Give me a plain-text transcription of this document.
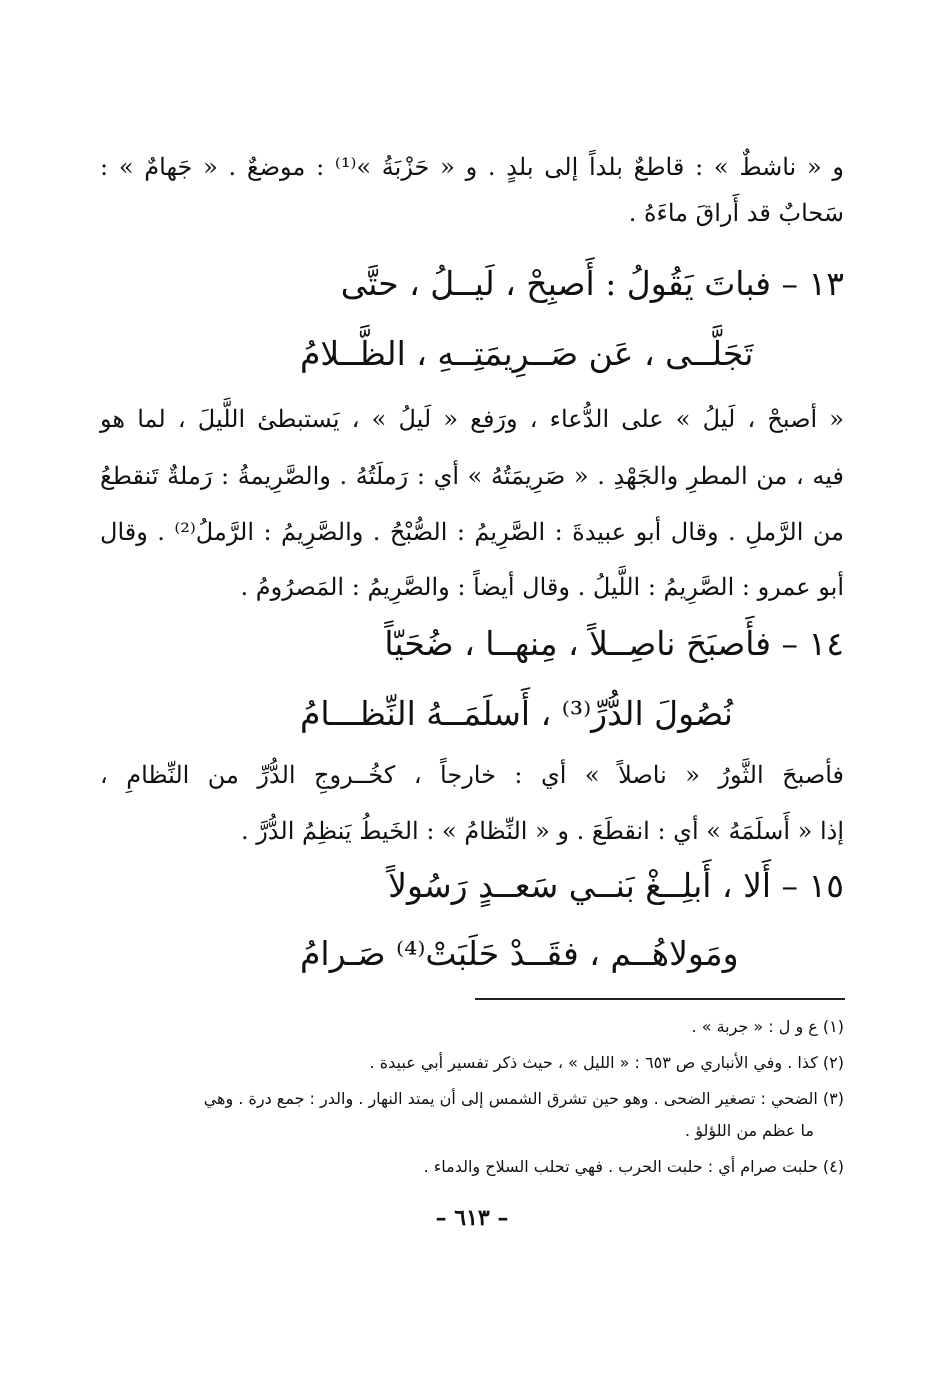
و « ناشطٌ » : قاطعٌ بلداً إلى بلدٍ . و « حَزْبَةُ »⁽¹⁾ : موضعٌ . « جَهامٌ » :
سَحابٌ قد أَراقَ ماءَهُ .
١٣ – فباتَ يَقُولُ : أَصبِحْ ، لَيــلُ ، حتَّى
تَجَلَّــى ، عَن صَــرِيمَتِــهِ ، الظَّــلامُ
« أصبحْ ، لَيلُ » على الدُّعاء ، ورَفع « لَيلُ » ، يَستبطئ اللَّيلَ ، لما هو
فيه ، من المطرِ والجَهْدِ . « صَرِيمَتُهُ » أي : رَملَتُهُ . والصَّرِيمةُ : رَملةٌ تَنقطعُ
من الرَّملِ . وقال أبو عبيدةَ : الصَّرِيمُ : الصُّبْحُ . والصَّرِيمُ : الرَّملُ⁽²⁾ . وقال
أبو عمرو : الصَّرِيمُ : اللَّيلُ . وقال أيضاً : والصَّرِيمُ : المَصرُومُ .
١٤ – فأَصبَحَ ناصِــلاً ، مِنهــا ، ضُحَيّاً
نُصُولَ الدُّرِّ⁽³⁾ ، أَسلَمَــهُ النِّظـــامُ
فأصبحَ الثَّورُ « ناصلاً » أي : خارجاً ، كخُــروجِ الدُّرِّ من النِّظامِ ،
إذا « أَسلَمَهُ » أي : انقطَعَ . و « النِّظامُ » : الخَيطُ يَنظِمُ الدُّرَّ .
١٥ – أَلا ، أَبلِــغْ بَنــي سَعــدٍ رَسُولاً
ومَولاهُــم ، فقَــدْ حَلَبَتْ⁽⁴⁾ صَـرامُ
(١) ع و ل : « جربة » .
(٢) كذا . وفي الأنباري ص ٦٥٣ : « الليل » ، حيث ذكر تفسير أبي عبيدة .
(٣) الضحي : تصغير الضحى . وهو حين تشرق الشمس إلى أن يمتد النهار . والدر : جمع درة . وهي
ما عظم من اللؤلؤ .
(٤) حلبت صرام أي : حلبت الحرب . فهي تحلب السلاح والدماء .
– ٦١٣ –
